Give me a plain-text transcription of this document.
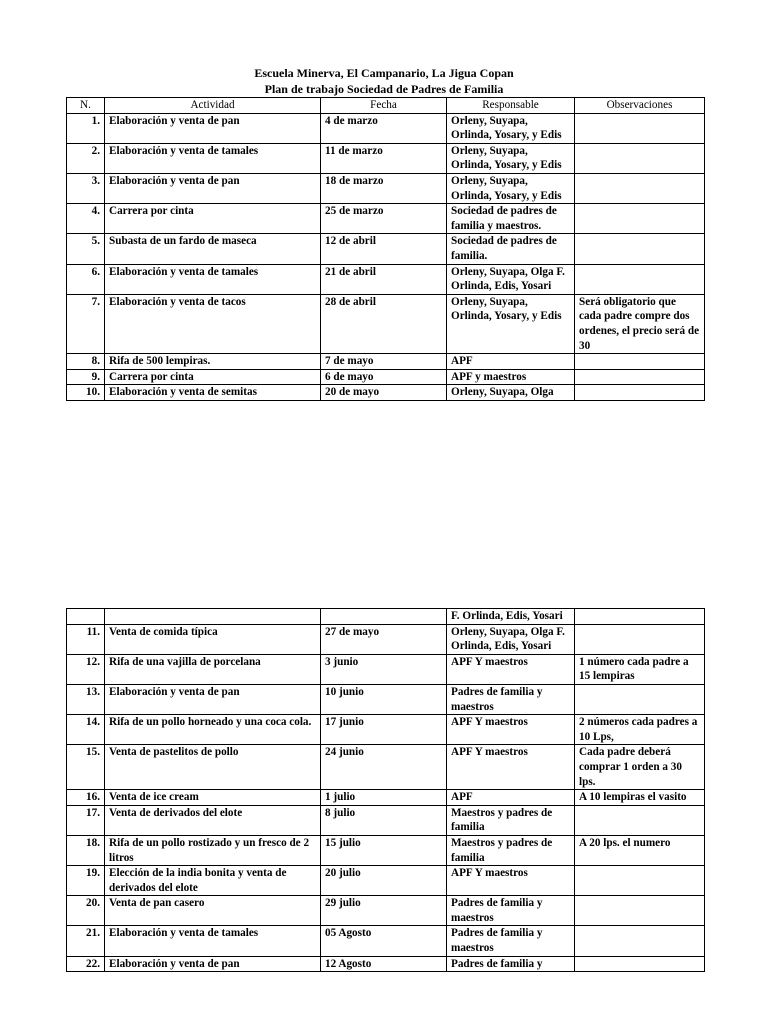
Escuela Minerva, El Campanario, La Jigua Copan
Plan de trabajo Sociedad de Padres de Familia
N.	Actividad	Fecha	Responsable	Observaciones
1.	Elaboración y venta de pan	4 de marzo	Orleny, Suyapa, Orlinda, Yosary, y Edis	
2.	Elaboración y venta de tamales	11 de marzo	Orleny, Suyapa, Orlinda, Yosary, y Edis	
3.	Elaboración y venta de pan	18 de marzo	Orleny, Suyapa, Orlinda, Yosary, y Edis	
4.	Carrera por cinta	25 de marzo	Sociedad de padres de familia y maestros.	
5.	Subasta de un fardo de maseca	12 de abril	Sociedad de padres de familia.	
6.	Elaboración y venta de tamales	21 de abril	Orleny, Suyapa, Olga F. Orlinda, Edis, Yosari	
7.	Elaboración y venta de tacos	28 de abril	Orleny, Suyapa, Orlinda, Yosary, y Edis	Será obligatorio que cada padre compre dos ordenes, el precio será de 30
8.	Rifa de 500 lempiras.	7 de mayo	APF	
9.	Carrera por cinta	6 de mayo	APF y maestros	
10.	Elaboración y venta de semitas	20 de mayo	Orleny, Suyapa, Olga	
			F. Orlinda, Edis, Yosari	
11.	Venta de comida típica	27 de mayo	Orleny, Suyapa, Olga F. Orlinda, Edis, Yosari	
12.	Rifa de una vajilla de porcelana	3 junio	APF Y maestros	1 número cada padre a 15 lempiras
13.	Elaboración y venta de pan	10 junio	Padres de familia y maestros	
14.	Rifa de un pollo horneado y una coca cola.	17 junio	APF Y maestros	2 números cada padres a 10 Lps,
15.	Venta de pastelitos de pollo	24 junio	APF Y maestros	Cada padre deberá comprar 1 orden a 30 lps.
16.	Venta de ice cream	1 julio	APF	A 10 lempiras el vasito
17.	Venta de derivados del elote	8 julio	Maestros y padres de familia	
18.	Rifa de un pollo rostizado y un fresco de 2 litros	15 julio	Maestros y padres de familia	A 20 lps. el numero
19.	Elección de la india bonita y venta de derivados del elote	20 julio	APF Y maestros	
20.	Venta de pan casero	29 julio	Padres de familia y maestros	
21.	Elaboración y venta de tamales	05 Agosto	Padres de familia y maestros	
22.	Elaboración y venta de pan	12 Agosto	Padres de familia y	
